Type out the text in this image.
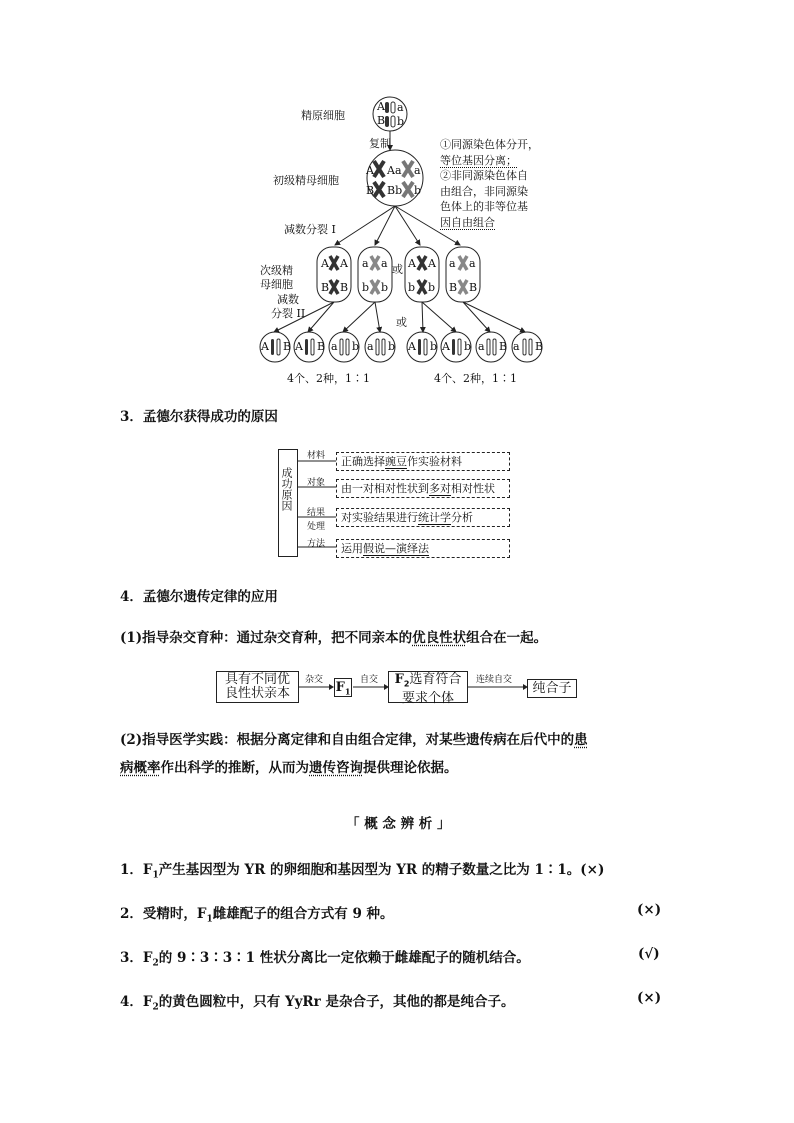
A a
B b
A Aa a
B Bb b
A A
B B
a a
b b
A A
b b
a a
B B
A B A B a b a b A b A b a B a B
精原细胞
复制
初级精母细胞
减数分裂 I
次级精
母细胞
减数
分裂 II
或
或
4个、2种，1∶1	4个、2种，1∶1
①同源染色体分开，
等位基因分离；
②非同源染色体自
由组合，非同源染
色体上的非等位基
因自由组合
3．孟德尔获得成功的原因
成功原因
材料
对象
结果
处理
方法
正确选择豌豆作实验材料
由一对相对性状到多对相对性状
对实验结果进行统计学分析
运用假说—演绎法
4．孟德尔遗传定律的应用
(1)指导杂交育种：通过杂交育种，把不同亲本的优良性状组合在一起。
具有不同优
良性状亲本
杂交 $F_1$
自交	$F_2$选育符合
要求个体
连续自交
纯合子
(2)指导医学实践：根据分离定律和自由组合定律，对某些遗传病在后代中的患
病概率作出科学的推断，从而为遗传咨询提供理论依据。
「 概 念 辨 析 」
1．$F_1$产生基因型为 YR 的卵细胞和基因型为 YR 的精子数量之比为 1∶1。(×)
2．受精时，$F_1$雌雄配子的组合方式有 9 种。	(×)
3．$F_2$的 9∶3∶3∶1 性状分离比一定依赖于雌雄配子的随机结合。	(√)
4．$F_2$的黄色圆粒中，只有 YyRr 是杂合子，其他的都是纯合子。	(×)
